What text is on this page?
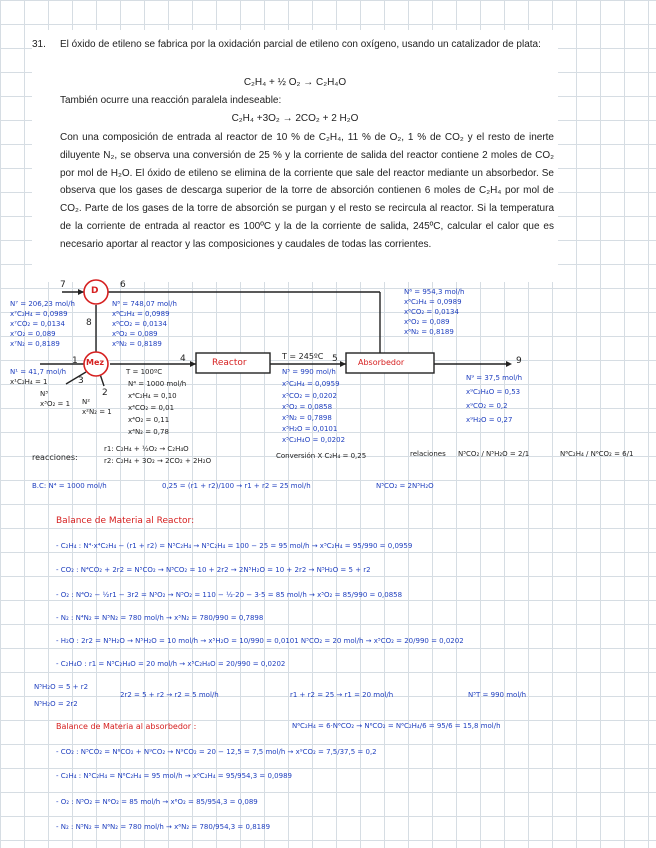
31. El óxido de etileno se fabrica por la oxidación parcial de etileno con oxígeno, usando un catalizador de plata:
C₂H₄ + ½ O₂ → C₂H₄O
También ocurre una reacción paralela indeseable:
C₂H₄ +3O₂ → 2CO₂ + 2 H₂O
Con una composición de entrada al reactor de 10 % de C₂H₄, 11 % de O₂, 1 % de CO₂ y el resto de inerte diluyente N₂, se observa una conversión de 25 % y la corriente de salida del reactor contiene 2 moles de CO₂ por mol de H₂O. El óxido de etileno se elimina de la corriente que sale del reactor mediante un absorbedor. Se observa que los gases de descarga superior de la torre de absorción contienen 6 moles de C₂H₄ por mol de CO₂. Parte de los gases de la torre de absorción se purgan y el resto se recircula al reactor. Si la temperatura de la corriente de entrada al reactor es 100ºC y la de la corriente de salida, 245ºC, calcular el calor que es necesario aportar al reactor y las composiciones y caudales de todas las corrientes.
D
Mez	Reactor	Absorbedor
7	6
1
2
3
4	5
8
9
N⁷ = 206,23 mol/h
x⁷C₂H₄ = 0,0989
x⁷CO₂ = 0,0134
x⁷O₂ = 0,089
x⁷N₂ = 0,8189
N¹ = 41,7 mol/h
x¹C₂H₄ = 1
N³
x³O₂ = 1 N²
x²N₂ = 1
N⁸ = 748,07 mol/h
x⁸C₂H₄ = 0,0989
x⁸CO₂ = 0,0134
x⁸O₂ = 0,089
x⁸N₂ = 0,8189
T = 100ºC
N⁴ = 1000 mol/h
x⁴C₂H₄ = 0,10
x⁴CO₂ = 0,01
x⁴O₂ = 0,11
x⁴N₂ = 0,78
T = 245ºC
N⁵ = 990 mol/h
x⁵C₂H₄ = 0,0959
x⁵CO₂ = 0,0202
x⁵O₂ = 0,0858
x⁵N₂ = 0,7898
x⁵H₂O = 0,0101
x⁵C₂H₄O = 0,0202
N⁶ = 954,3 mol/h
x⁶C₂H₄ = 0,0989
x⁶CO₂ = 0,0134
x⁶O₂ = 0,089
x⁶N₂ = 0,8189
N⁹ = 37,5 mol/h
x⁹C₂H₄O = 0,53
x⁹CO₂ = 0,2
x⁹H₂O = 0,27
reacciones:
r1: C₂H₄ + ½O₂ → C₂H₄O
r2: C₂H₄ + 3O₂ → 2CO₂ + 2H₂O
Conversión X C₂H₄ = 0,25	relaciones N⁵CO₂ / N⁵H₂O = 2/1	N⁶C₂H₄ / N⁶CO₂ = 6/1
B.C: N⁴ = 1000 mol/h	0,25 = (r1 + r2)/100 → r1 + r2 = 25 mol/h	N⁵CO₂ = 2N⁵H₂O
Balance de Materia al Reactor:
- C₂H₄ : N⁴·x⁴C₂H₄ − (r1 + r2) = N⁵C₂H₄ → N⁵C₂H₄ = 100 − 25 = 95 mol/h → x⁵C₂H₄ = 95/990 = 0,0959
- CO₂ : N⁴CO₂ + 2r2 = N⁵CO₂ → N⁵CO₂ = 10 + 2r2 → 2N⁵H₂O = 10 + 2r2 → N⁵H₂O = 5 + r2
- O₂ : N⁴O₂ − ½r1 − 3r2 = N⁵O₂ → N⁵O₂ = 110 − ½·20 − 3·5 = 85 mol/h → x⁵O₂ = 85/990 = 0,0858
- N₂ : N⁴N₂ = N⁵N₂ = 780 mol/h → x⁵N₂ = 780/990 = 0,7898
- H₂O : 2r2 = N⁵H₂O → N⁵H₂O = 10 mol/h → x⁵H₂O = 10/990 = 0,0101 N⁵CO₂ = 20 mol/h → x⁵CO₂ = 20/990 = 0,0202
- C₂H₄O : r1 = N⁵C₂H₄O = 20 mol/h → x⁵C₂H₄O = 20/990 = 0,0202
N⁵H₂O = 5 + r2
N⁵H₂O = 2r2
2r2 = 5 + r2 → r2 = 5 mol/h	r1 + r2 = 25 → r1 = 20 mol/h	N⁵T = 990 mol/h
Balance de Materia al absorbedor :	N⁶C₂H₄ = 6·N⁶CO₂ → N⁶CO₂ = N⁶C₂H₄/6 = 95/6 = 15,8 mol/h
- CO₂ : N⁵CO₂ = N⁶CO₂ + N⁹CO₂ → N⁹CO₂ = 20 − 12,5 = 7,5 mol/h → x⁹CO₂ = 7,5/37,5 = 0,2
- C₂H₄ : N⁵C₂H₄ = N⁶C₂H₄ = 95 mol/h → x⁶C₂H₄ = 95/954,3 = 0,0989
- O₂ : N⁵O₂ = N⁶O₂ = 85 mol/h → x⁶O₂ = 85/954,3 = 0,089
- N₂ : N⁵N₂ = N⁶N₂ = 780 mol/h → x⁶N₂ = 780/954,3 = 0,8189
